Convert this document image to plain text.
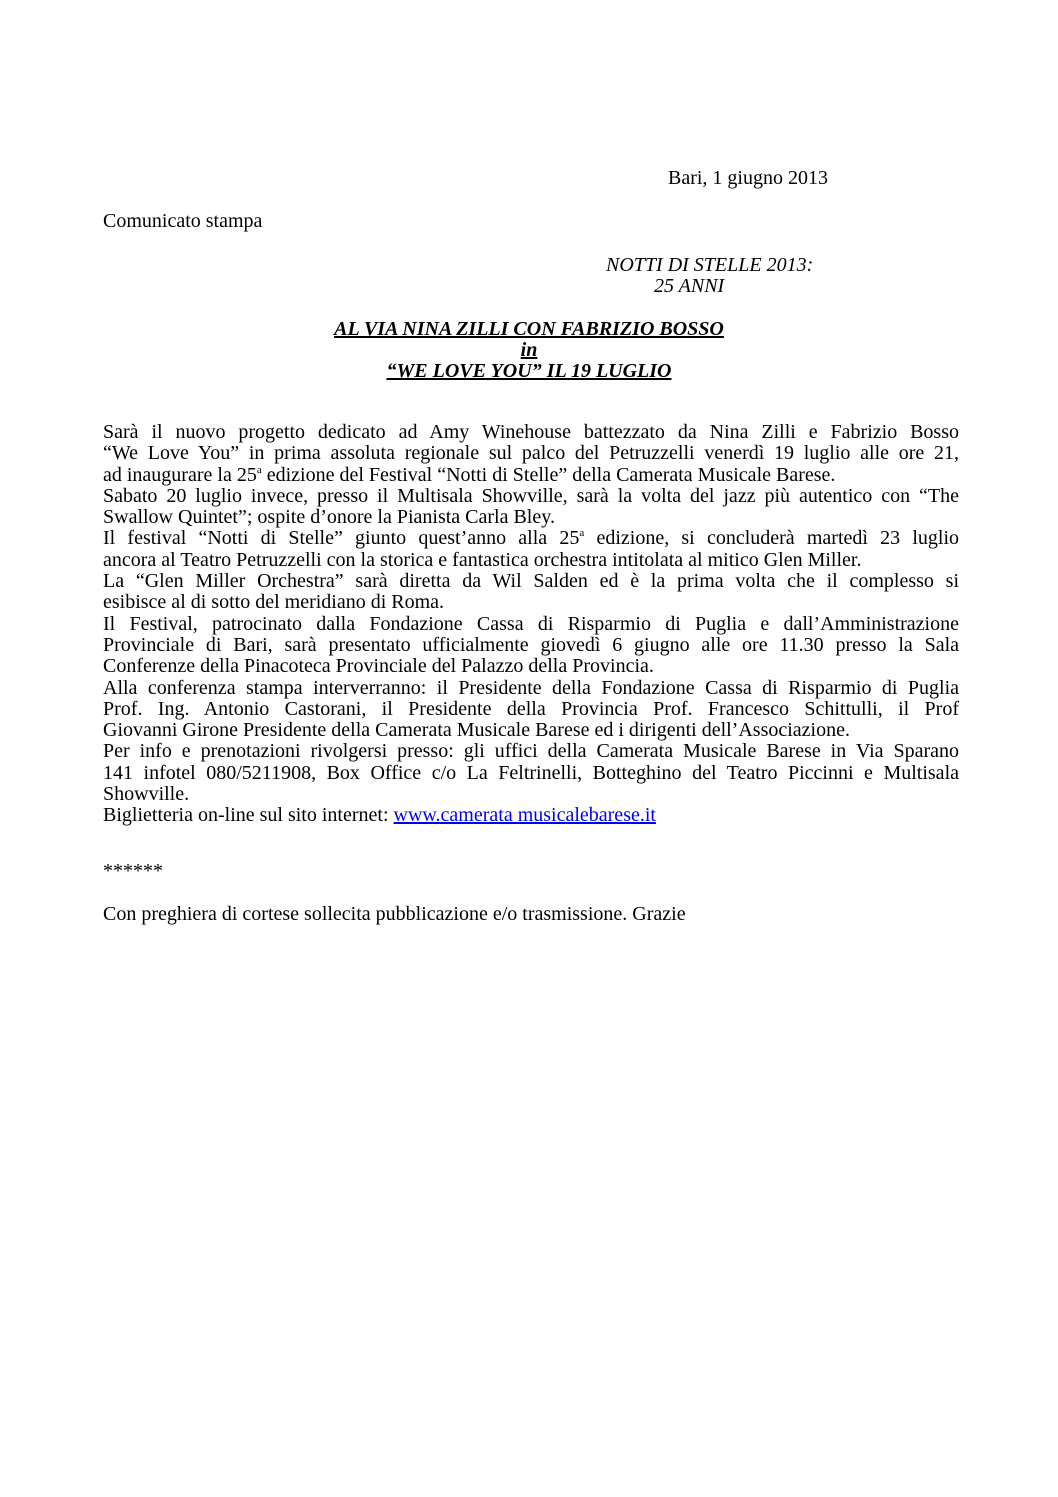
Bari, 1 giugno 2013
Comunicato stampa
NOTTI DI STELLE 2013:
25 ANNI
AL VIA NINA ZILLI CON FABRIZIO BOSSO
in
“WE LOVE YOU” IL 19 LUGLIO
Sarà il nuovo progetto dedicato ad Amy Winehouse battezzato da Nina Zilli e Fabrizio Bosso
“We Love You” in prima assoluta regionale sul palco del Petruzzelli venerdì 19 luglio alle ore 21,
ad inaugurare la 25$^a$ edizione del Festival “Notti di Stelle” della Camerata Musicale Barese.
Sabato 20 luglio invece, presso il Multisala Showville, sarà la volta del jazz più autentico con “The
Swallow Quintet”; ospite d’onore la Pianista Carla Bley.
Il festival “Notti di Stelle” giunto quest’anno alla 25$^a$ edizione, si concluderà martedì 23 luglio
ancora al Teatro Petruzzelli con la storica e fantastica orchestra intitolata al mitico Glen Miller.
La “Glen Miller Orchestra” sarà diretta da Wil Salden ed è la prima volta che il complesso si
esibisce al di sotto del meridiano di Roma.
Il Festival, patrocinato dalla Fondazione Cassa di Risparmio di Puglia e dall’Amministrazione
Provinciale di Bari, sarà presentato ufficialmente giovedì 6 giugno alle ore 11.30 presso la Sala
Conferenze della Pinacoteca Provinciale del Palazzo della Provincia.
Alla conferenza stampa interverranno: il Presidente della Fondazione Cassa di Risparmio di Puglia
Prof. Ing. Antonio Castorani, il Presidente della Provincia Prof. Francesco Schittulli, il Prof
Giovanni Girone Presidente della Camerata Musicale Barese ed i dirigenti dell’Associazione.
Per info e prenotazioni rivolgersi presso: gli uffici della Camerata Musicale Barese in Via Sparano
141 infotel 080/5211908, Box Office c/o La Feltrinelli, Botteghino del Teatro Piccinni e Multisala
Showville.
Biglietteria on-line sul sito internet: www.camerata musicalebarese.it
******
Con preghiera di cortese sollecita pubblicazione e/o trasmissione. Grazie
